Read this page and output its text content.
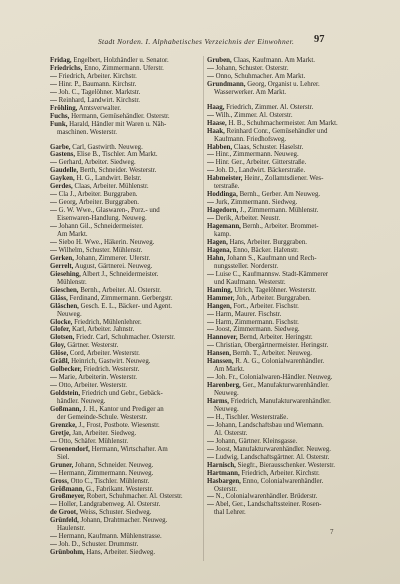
Stadt Norden. I. Alphabetisches Verzeichnis der Einwohner. 97
Fridag, Engelbert, Holzhändler u. Senator.
Friedrichs, Enno, Zimmermann. Uferstr.
— Friedrich, Arbeiter. Kirchstr.
— Hinr. P., Baumann. Kirchstr.
— Joh. C., Tagelöhner. Marktstr.
— Reinhard, Landwirt. Kirchstr.
Fröhling, Amtsverwalter.
Fuchs, Hermann, Gemüsehändler. Osterstr.
Funk, Harald, Händler mit Waren u. Näh-
maschinen. Westerstr.
Garbe, Carl, Gastwirth. Neuweg.
Gastens, Elise B., Tischler. Am Markt.
— Gerhard, Arbeiter. Siedweg.
Gaudelle, Berth, Schneider. Westerstr.
Gayken, H. G., Landwirt. Belstr.
Gerdes, Claas, Arbeiter. Mühlenstr.
— Cla J., Arbeiter. Burggraben.
— Georg, Arbeiter. Burggraben.
— G. W. Wwe., Glaswaren-, Porz.- und
Eisenwaren-Handlung. Neuweg.
— Johann Gil., Schneidermeister.
Am Markt.
— Siebo H. Wwe., Häkerin. Neuweg.
— Wilhelm, Schuster. Mühlenstr.
Gerken, Johann, Zimmerer. Uferstr.
Gerrelt, August, Gärtnerei. Neuweg.
Giesehing, Albert J., Schneidermeister.
Mühlenstr.
Gieschen, Bernh., Arbeiter. Al. Osterstr.
Gläss, Ferdinand, Zimmermann. Gerbergstr.
Gläschen, Gesch. E. L., Bäcker- und Agent.
Neuweg.
Glocke, Friedrich, Mühlenlehrer.
Glofer, Karl, Arbeiter. Jahnstr.
Glotsen, Friedr. Carl, Schuhmacher. Osterstr.
Gloy, Gärtner. Westerstr.
Glöse, Cord, Arbeiter. Westerstr.
Gräßl, Heinrich, Gastwirt. Neuweg.
Golbecker, Friedrich. Westerstr.
— Marie, Arbeiterin. Westerstr.
— Otto, Arbeiter. Westerstr.
Goldstein, Friedrich und Gebr., Gebäck-
händler. Neuweg.
Goßmann, J. H., Kantor und Prediger an
der Gemeinde-Schule. Westerstr.
Grenzke, J., Frost, Postbote. Wiesenstr.
Gretje, Jan, Arbeiter. Siedweg.
— Otto, Schäfer. Mühlenstr.
Groenendorf, Hermann, Wirtschafter. Am
Siel.
Gruner, Johann, Schneider. Neuweg.
— Hermann, Zimmermann. Neuweg.
Gross, Otto C., Tischler. Mühlenstr.
Größmann, G., Fabrikant. Westerstr.
Großmeyer, Robert, Schuhmacher. Al. Osterstr.
— Holler, Landgrabenweg. Al. Osterstr.
de Groot, Weiss, Schuster. Siedweg.
Grünfeld, Johann, Drahtmacher. Neuweg.
Haulenstr.
— Hermann, Kaufmann. Mühlenstrasse.
— Joh. D., Schuster. Drummstr.
Grünbohm, Hans, Arbeiter. Siedweg.
Gruben, Claas, Kaufmann. Am Markt.
— Johann, Schuster. Osterstr.
— Onno, Schuhmacher. Am Markt.
Grundmann, Georg, Organist u. Lehrer.
Wasserwerker. Am Markt.
Haag, Friedrich, Zimmer. Al. Osterstr.
— Wilh., Zimmer. Al. Osterstr.
Haase, H. B., Schuhmachermeister. Am Markt.
Haak, Reinhard Conr., Gemüsehändler und
Kaufmann. Friedhofsweg.
Habben, Claas, Schuster. Haselstr.
— Hinr., Zimmermann. Neuweg.
— Hinr. Ger., Arbeiter. Gitterstraße.
— Joh. D., Landwirt. Bäckerstraße.
Habmeister, Heinr., Zollamtsdiener. Wes-
terstraße.
Hoddinga, Bernh., Gerber. Am Neuweg.
— Jurk, Zimmermann. Siedweg.
Hagedorn, J., Zimmermann. Mühlenstr.
— Derik, Arbeiter. Neustr.
Hagemann, Bernh., Arbeiter. Brommet-
kamp.
Hagen, Hans, Arbeiter. Burggraben.
Hagena, Enno, Bäcker. Hafenstr.
Hahn, Johann S., Kaufmann und Rech-
nungssteller. Norderstr.
— Luise C., Kaufmannsw. Stadt-Kämmerer
und Kaufmann. Westerstr.
Haming, Ulrich, Tagelöhner. Westerstr.
Hammer, Joh., Arbeiter. Burggraben.
Hangen, Fort., Arbeiter. Fischstr.
— Harm, Maurer. Fischstr.
— Harm, Zimmermann. Fischstr.
— Joost, Zimmermann. Siedweg.
Hannover, Bernd, Arbeiter. Heringstr.
— Christian, Obergärtnermeister. Heringstr.
Hansen, Bernh. T., Arbeiter. Neuweg.
Hanssen, R. A. G., Colonialwarenhändler.
Am Markt.
— Joh. Fr., Colonialwaren-Händler. Neuweg.
Harenberg, Ger., Manufakturwarenhändler.
Neuweg.
Harms, Friedrich, Manufakturwarenhändler.
Neuweg.
— H., Tischler. Westerstraße.
— Johann, Landschaftsbau und Wiemann.
Al. Osterstr.
— Johann, Gärtner. Kleinsgasse.
— Joost, Manufakturwarenhändler. Neuweg.
— Ludwig, Landschaftsgärtner. Al. Osterstr.
Harnisch, Siegfr., Bierausschenker. Westerstr.
Hartmann, Friedrich, Arbeiter. Kirchstr.
Hasbargen, Enno, Colonialwarenhändler.
Osterstr.
— N., Colonialwarenhändler. Brüderstr.
— Abel, Ger., Landschaftssteiner. Rosen-
thal Lehrer.
7
